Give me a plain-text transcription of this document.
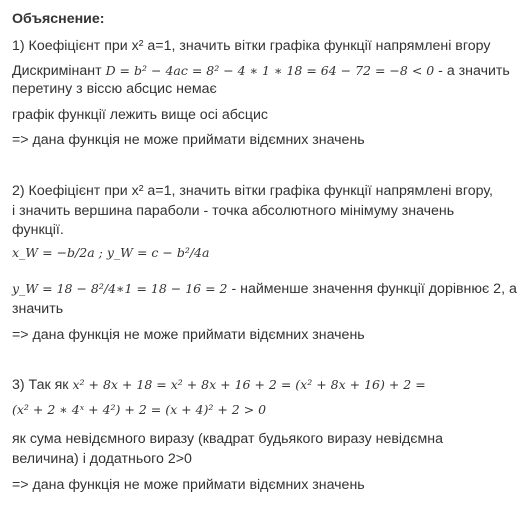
Объяснение:
1) Коефіцієнт при x² a=1, значить вітки графіка функції напрямлені вгору
Дискримінант D = b² − 4ac = 8² − 4 ∗ 1 ∗ 18 = 64 − 72 = −8 < 0 - а значить
перетину з віссю абсцис немає
графік функції лежить вище осі абсцис
=> дана функція не може приймати відємних значень
2) Коефіцієнт при x² a=1, значить вітки графіка функції напрямлені вгору,
і значить вершина параболи - точка абсолютного мінімуму значень
функції.
x_W = −b/2a ; y_W = c − b²/4a
y_W = 18 − 8²/4∗1 = 18 − 16 = 2 - найменше значення функції дорівнює 2, а
значить
=> дана функція не може приймати відємних значень
3) Так як x² + 8x + 18 = x² + 8x + 16 + 2 = (x² + 8x + 16) + 2 =
(x² + 2 ∗ 4ˣ + 4²) + 2 = (x + 4)² + 2 > 0
як сума невідємного виразу (квадрат будьякого виразу невідємна
величина) і додатнього 2>0
=> дана функція не може приймати відємних значень
